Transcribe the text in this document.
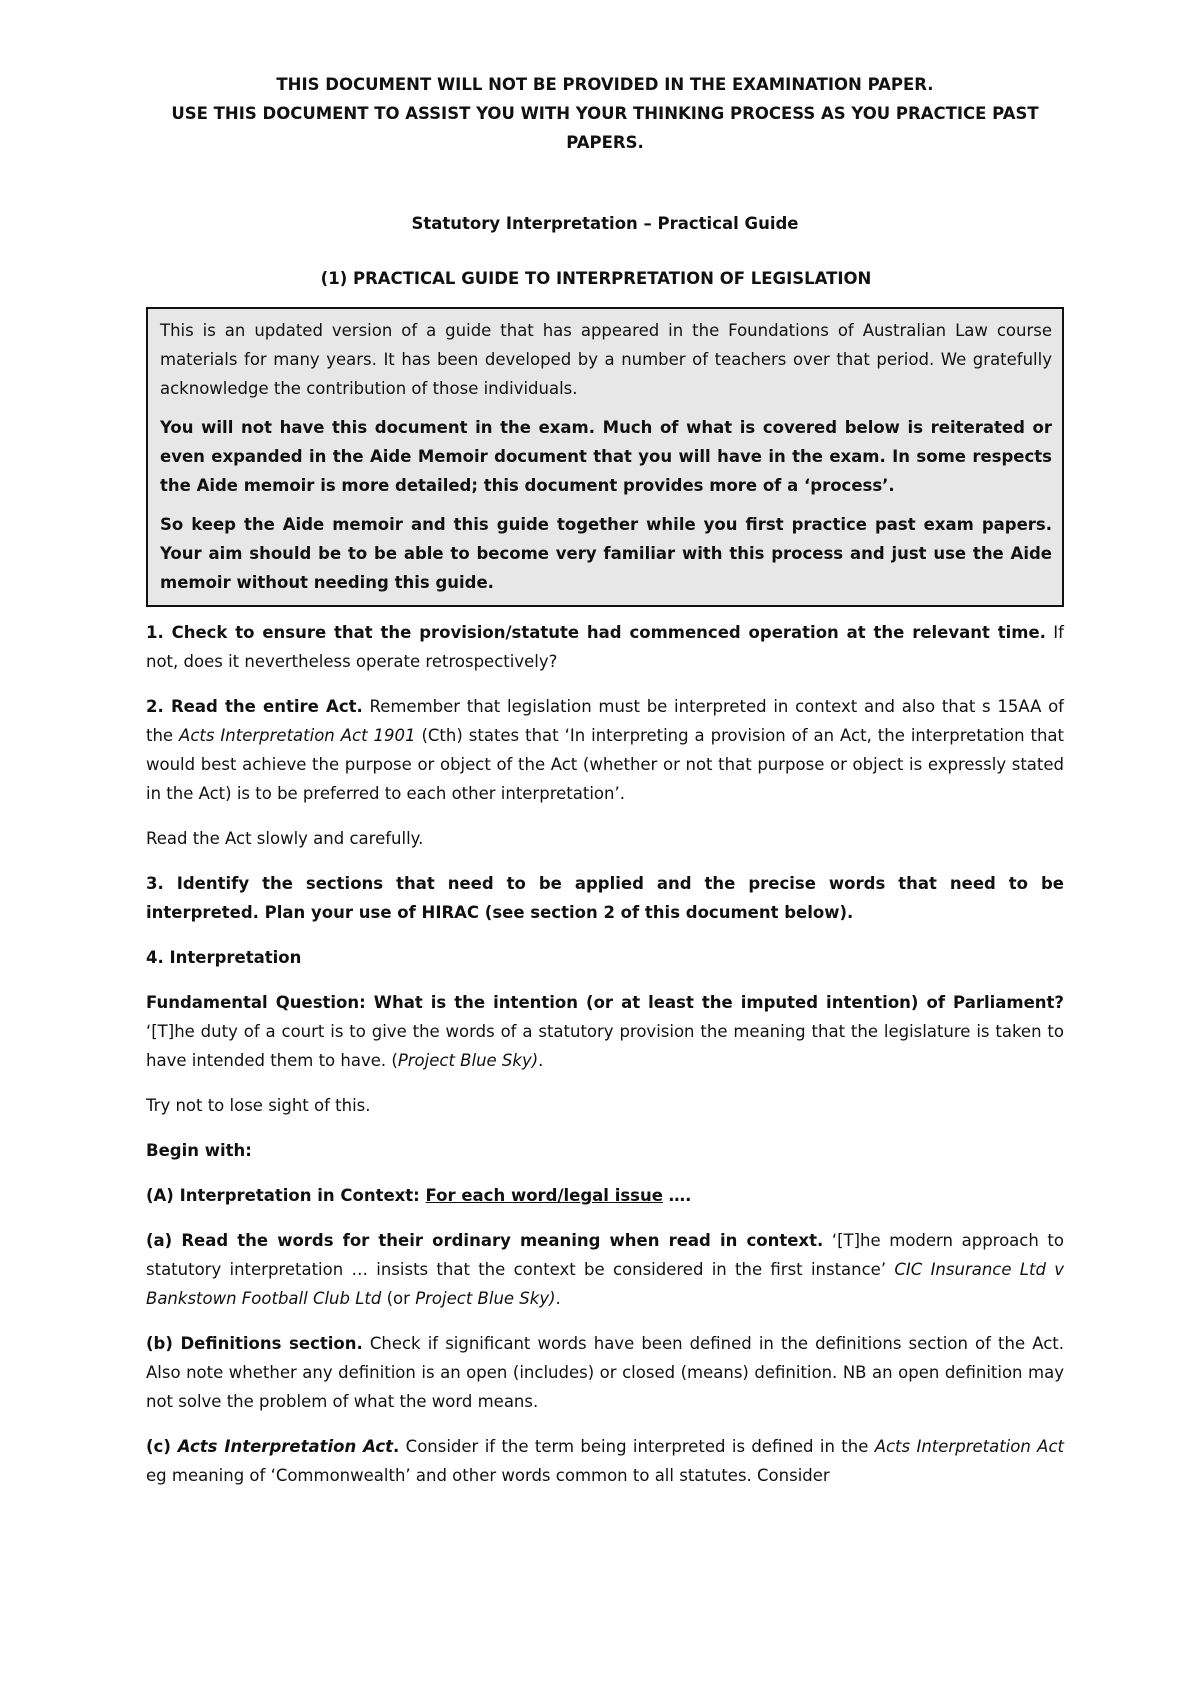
THIS DOCUMENT WILL NOT BE PROVIDED IN THE EXAMINATION PAPER.
USE THIS DOCUMENT TO ASSIST YOU WITH YOUR THINKING PROCESS AS YOU PRACTICE PAST PAPERS.

Statutory Interpretation – Practical Guide

(1) PRACTICAL GUIDE TO INTERPRETATION OF LEGISLATION

This is an updated version of a guide that has appeared in the Foundations of Australian Law course materials for many years. It has been developed by a number of teachers over that period. We gratefully acknowledge the contribution of those individuals.

You will not have this document in the exam. Much of what is covered below is reiterated or even expanded in the Aide Memoir document that you will have in the exam. In some respects the Aide memoir is more detailed; this document provides more of a ‘process’.

So keep the Aide memoir and this guide together while you first practice past exam papers. Your aim should be to be able to become very familiar with this process and just use the Aide memoir without needing this guide.

1. Check to ensure that the provision/statute had commenced operation at the relevant time. If not, does it nevertheless operate retrospectively?

2. Read the entire Act. Remember that legislation must be interpreted in context and also that s 15AA of the Acts Interpretation Act 1901 (Cth) states that ‘In interpreting a provision of an Act, the interpretation that would best achieve the purpose or object of the Act (whether or not that purpose or object is expressly stated in the Act) is to be preferred to each other interpretation’.

Read the Act slowly and carefully.

3. Identify the sections that need to be applied and the precise words that need to be interpreted. Plan your use of HIRAC (see section 2 of this document below).

4. Interpretation

Fundamental Question: What is the intention (or at least the imputed intention) of Parliament? ‘[T]he duty of a court is to give the words of a statutory provision the meaning that the legislature is taken to have intended them to have. (Project Blue Sky).

Try not to lose sight of this.

Begin with:

(A) Interpretation in Context: For each word/legal issue ….

(a) Read the words for their ordinary meaning when read in context. ‘[T]he modern approach to statutory interpretation … insists that the context be considered in the first instance’ CIC Insurance Ltd v Bankstown Football Club Ltd (or Project Blue Sky).

(b) Definitions section. Check if significant words have been defined in the definitions section of the Act. Also note whether any definition is an open (includes) or closed (means) definition. NB an open definition may not solve the problem of what the word means.

(c) Acts Interpretation Act. Consider if the term being interpreted is defined in the Acts Interpretation Act eg meaning of ‘Commonwealth’ and other words common to all statutes. Consider
